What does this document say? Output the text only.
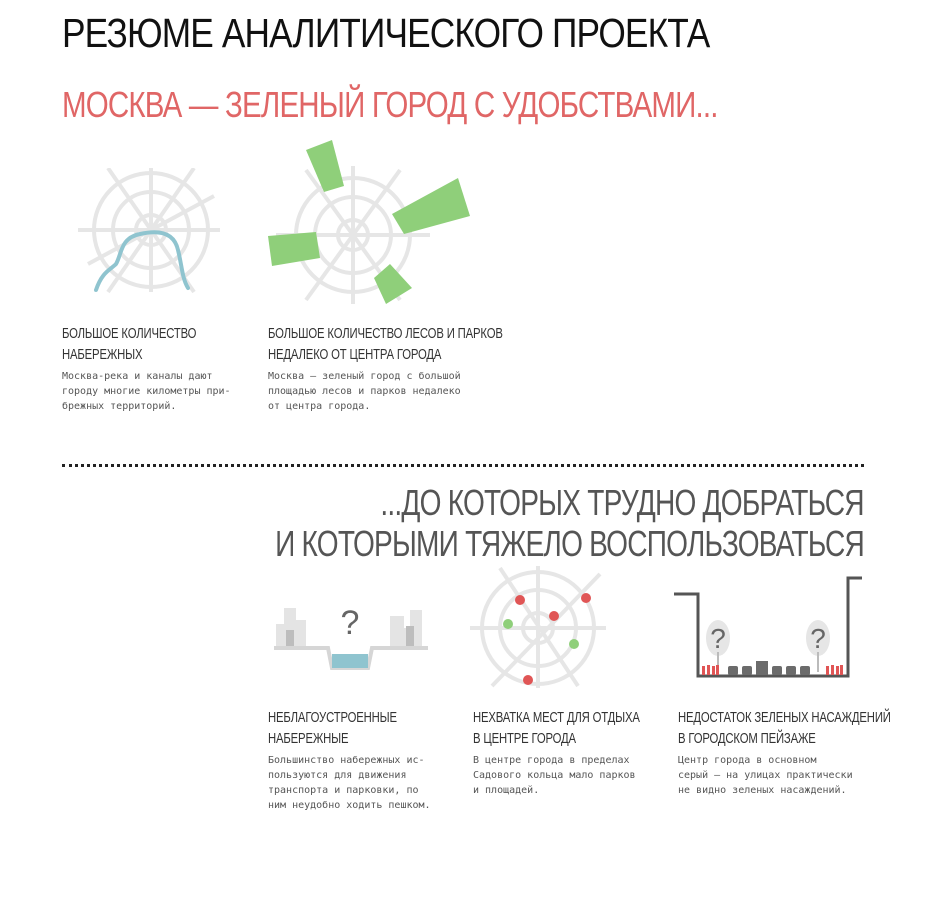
РЕЗЮМЕ АНАЛИТИЧЕСКОГО ПРОЕКТА
МОСКВА — ЗЕЛЕНЫЙ ГОРОД С УДОБСТВАМИ...
БОЛЬШОЕ КОЛИЧЕСТВО
НАБЕРЕЖНЫХ
Москва-река и каналы дают
городу многие километры при-
брежных территорий.
БОЛЬШОЕ КОЛИЧЕСТВО ЛЕСОВ И ПАРКОВ
НЕДАЛЕКО ОТ ЦЕНТРА ГОРОДА
Москва — зеленый город с большой
площадью лесов и парков недалеко
от центра города.
...ДО КОТОРЫХ ТРУДНО ДОБРАТЬСЯ
И КОТОРЫМИ ТЯЖЕЛО ВОСПОЛЬЗОВАТЬСЯ
?	?	?
НЕБЛАГОУСТРОЕННЫЕ
НАБЕРЕЖНЫЕ
Большинство набережных ис-
пользуются для движения
транспорта и парковки, по
ним неудобно ходить пешком.
НЕХВАТКА МЕСТ ДЛЯ ОТДЫХА
В ЦЕНТРЕ ГОРОДА
В центре города в пределах
Садового кольца мало парков
и площадей.
НЕДОСТАТОК ЗЕЛЕНЫХ НАСАЖДЕНИЙ
В ГОРОДСКОМ ПЕЙЗАЖЕ
Центр города в основном
серый — на улицах практически
не видно зеленых насаждений.
